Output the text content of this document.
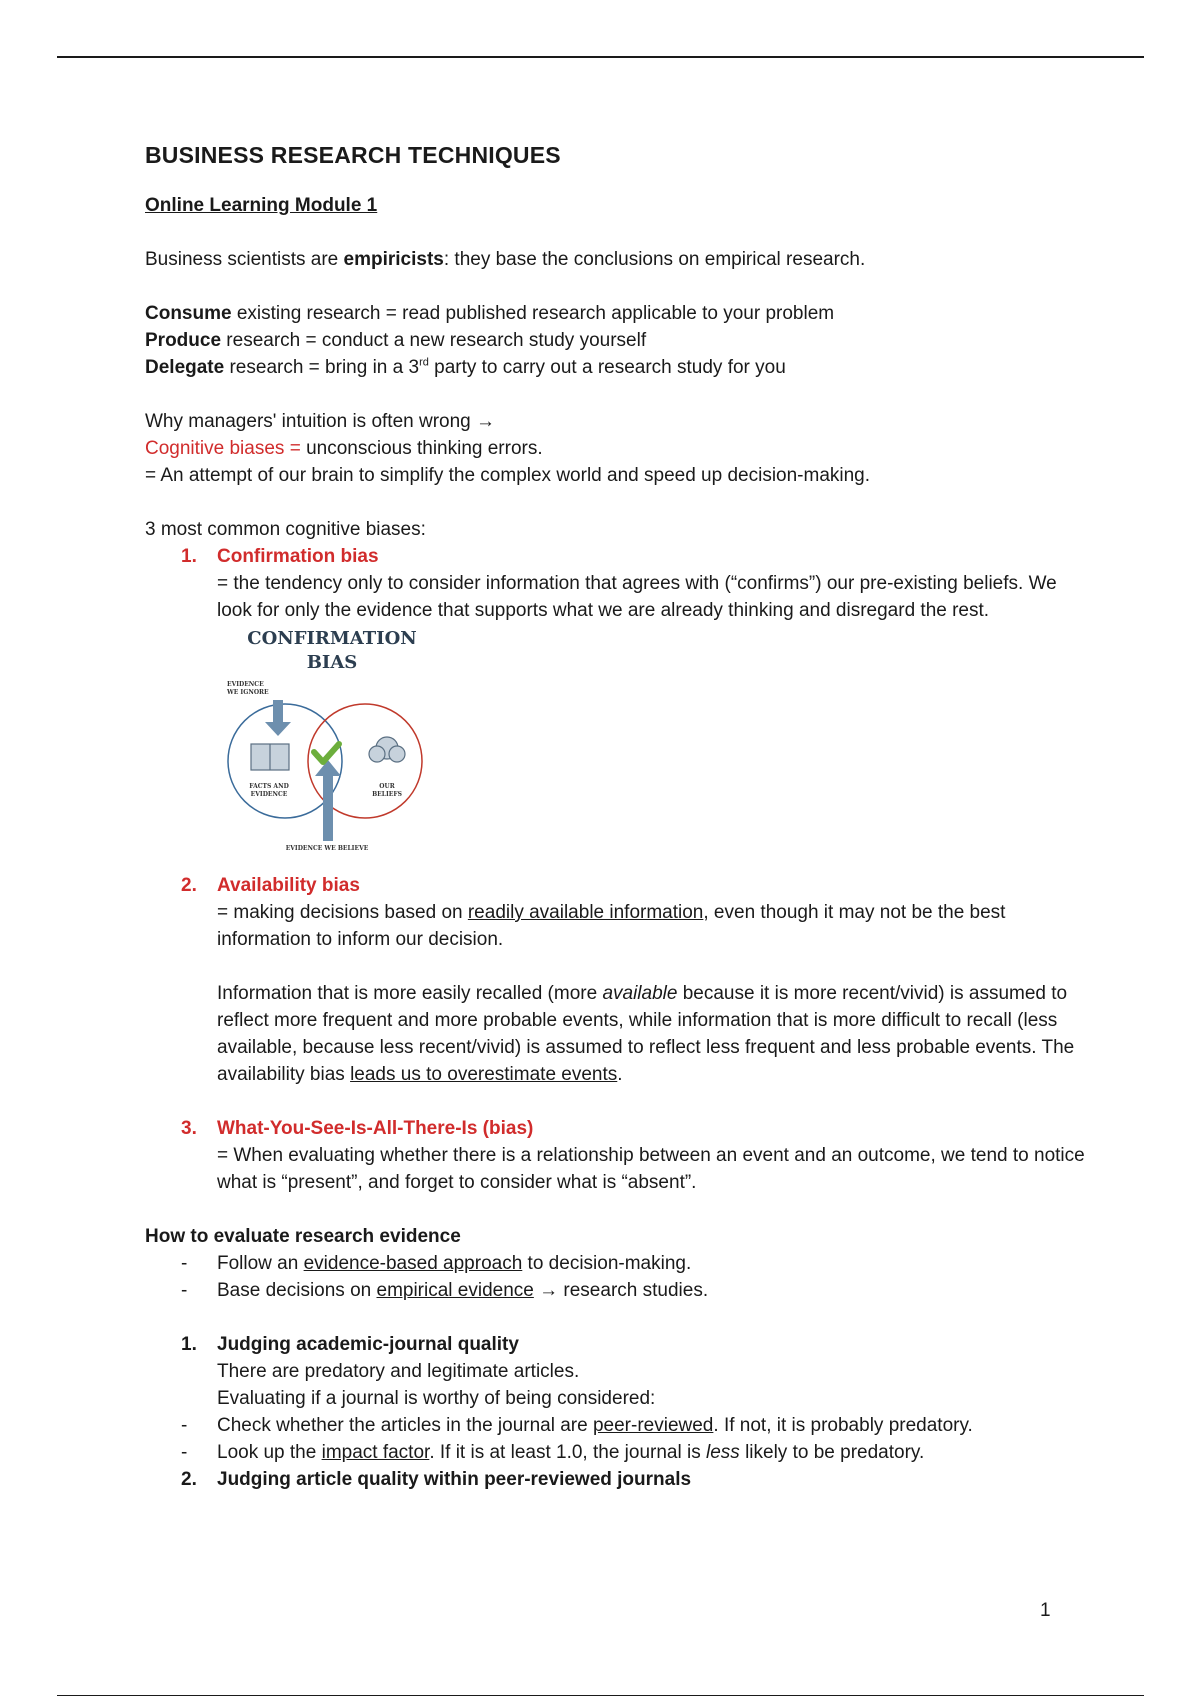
BUSINESS RESEARCH TECHNIQUES
Online Learning Module 1

Business scientists are empiricists: they base the conclusions on empirical research.

Consume existing research = read published research applicable to your problem

Produce research = conduct a new research study yourself

Delegate research = bring in a 3rd party to carry out a research study for you

Why managers' intuition is often wrong →

Cognitive biases = unconscious thinking errors.

= An attempt of our brain to simplify the complex world and speed up decision-making.

3 most common cognitive biases:

1.	Confirmation bias

= the tendency only to consider information that agrees with (“confirms”) our pre-existing beliefs. We look for only the evidence that supports what we are already thinking and disregard the rest.

CONFIRMATION
BIAS
EVIDENCE
WE IGNORE
FACTS AND
EVIDENCE
OUR
BELIEFS
EVIDENCE WE BELIEVE
2.	Availability bias

= making decisions based on readily available information, even though it may not be the best information to inform our decision.

Information that is more easily recalled (more available because it is more recent/vivid) is assumed to reflect more frequent and more probable events, while information that is more difficult to recall (less available, because less recent/vivid) is assumed to reflect less frequent and less probable events. The availability bias leads us to overestimate events.

3.	What-You-See-Is-All-There-Is (bias)

= When evaluating whether there is a relationship between an event and an outcome, we tend to notice what is “present”, and forget to consider what is “absent”.

How to evaluate research evidence

-	Follow an evidence-based approach to decision-making.
-	Base decisions on empirical evidence → research studies.
1.	Judging academic-journal quality

There are predatory and legitimate articles.

Evaluating if a journal is worthy of being considered:

-	Check whether the articles in the journal are peer-reviewed. If not, it is probably predatory.
-	Look up the impact factor. If it is at least 1.0, the journal is less likely to be predatory.
2.	Judging article quality within peer-reviewed journals
1
